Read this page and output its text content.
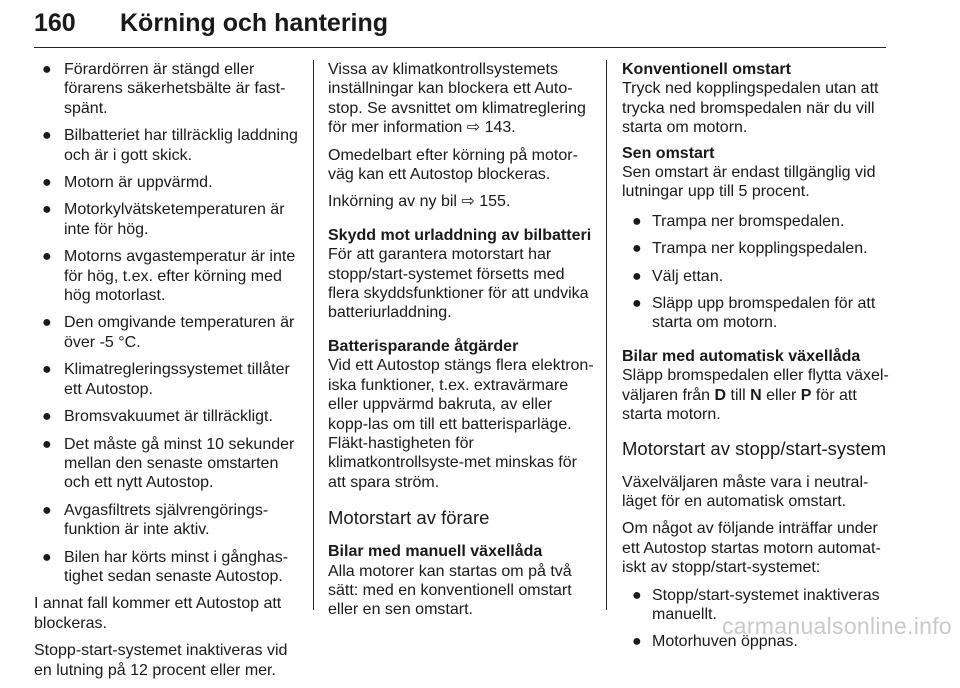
160 Körning och hantering
● Förardörren är stängd eller förarens säkerhetsbälte är fast-spänt.
● Bilbatteriet har tillräcklig laddning och är i gott skick.
● Motorn är uppvärmd.
● Motorkylvätsketemperaturen är inte för hög.
● Motorns avgastemperatur är inte för hög, t.ex. efter körning med hög motorlast.
● Den omgivande temperaturen är över -5 °C.
● Klimatregleringssystemet tillåter ett Autostop.
● Bromsvakuumet är tillräckligt.
● Det måste gå minst 10 sekunder mellan den senaste omstarten och ett nytt Autostop.
● Avgasfiltrets självrengörings-funktion är inte aktiv.
● Bilen har körts minst i gånghas-tighet sedan senaste Autostop.

I annat fall kommer ett Autostop att blockeras.

Stopp-start-systemet inaktiveras vid en lutning på 12 procent eller mer.

Vissa av klimatkontrollsystemets inställningar kan blockera ett Auto-stop. Se avsnittet om klimatreglering för mer information ⇨ 143.

Omedelbart efter körning på motor-väg kan ett Autostop blockeras.

Inkörning av ny bil ⇨ 155.

Skydd mot urladdning av bilbatteri
För att garantera motorstart har stopp/start-systemet försetts med flera skyddsfunktioner för att undvika batteriurladdning.

Batterisparande åtgärder
Vid ett Autostop stängs flera elektron-iska funktioner, t.ex. extravärmare eller uppvärmd bakruta, av eller kopp-las om till ett batterisparläge. Fläkt-hastigheten för klimatkontrollsyste-met minskas för att spara ström.

Motorstart av förare

Bilar med manuell växellåda
Alla motorer kan startas om på två sätt: med en konventionell omstart eller en sen omstart.

Konventionell omstart
Tryck ned kopplingspedalen utan att trycka ned bromspedalen när du vill starta om motorn.

Sen omstart
Sen omstart är endast tillgänglig vid lutningar upp till 5 procent.

● Trampa ner bromspedalen.
● Trampa ner kopplingspedalen.
● Välj ettan.
● Släpp upp bromspedalen för att starta om motorn.

Bilar med automatisk växellåda
Släpp bromspedalen eller flytta växel-väljaren från D till N eller P för att starta motorn.

Motorstart av stopp/start-system

Växelväljaren måste vara i neutral-läget för en automatisk omstart.

Om något av följande inträffar under ett Autostop startas motorn automat-iskt av stopp/start-systemet:

● Stopp/start-systemet inaktiveras manuellt.
● Motorhuven öppnas.
carmanualsonline.info
